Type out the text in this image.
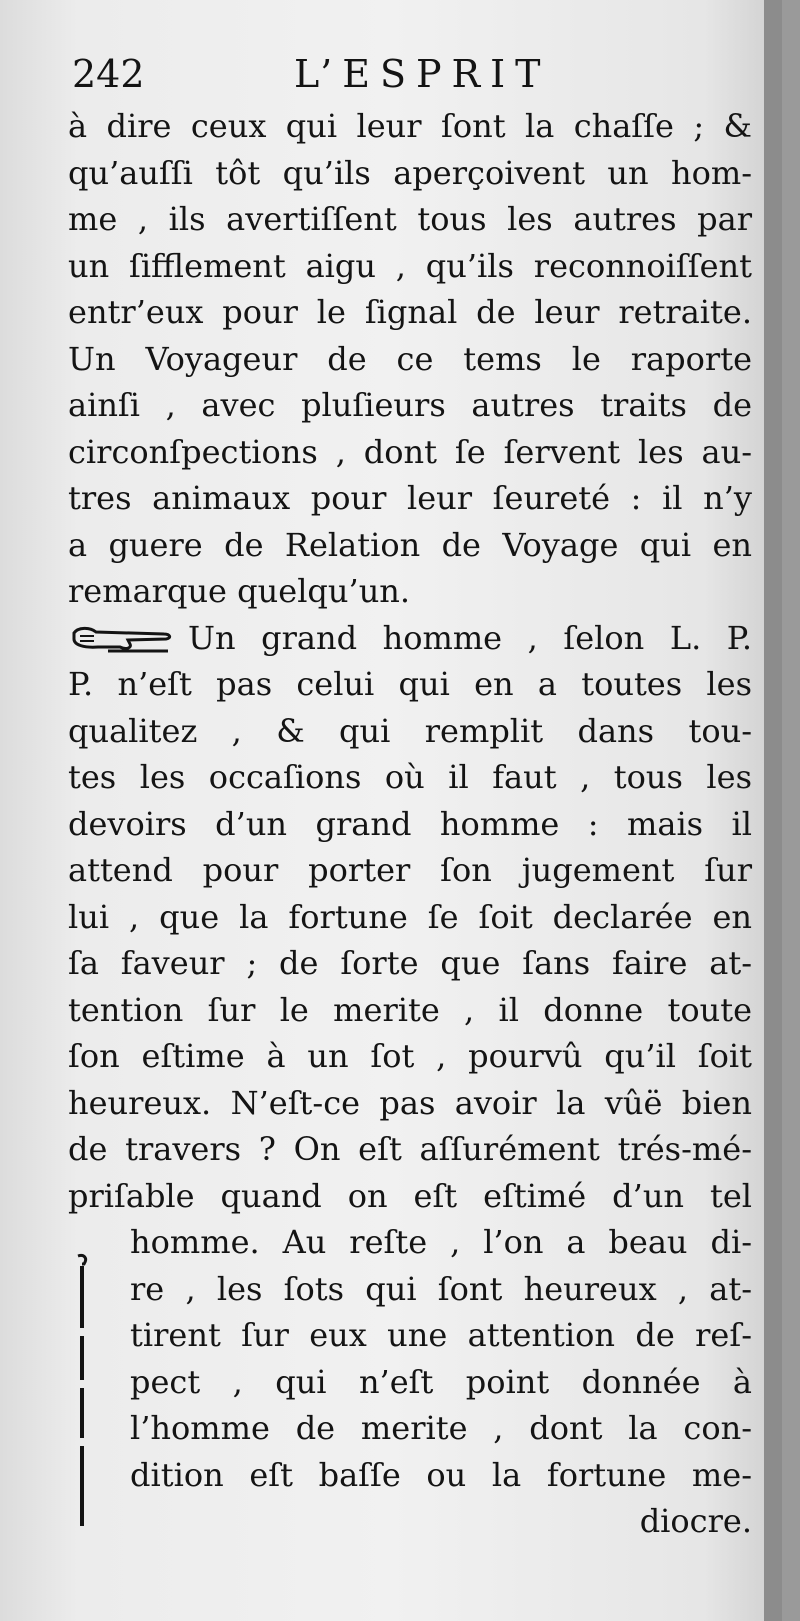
242	L’ESPRIT
à dire ceux qui leur ſont la chaſſe ; &
qu’auſſi tôt qu’ils aperçoivent un hom-
me , ils avertiſſent tous les autres par
un ſifflement aigu , qu’ils reconnoiſſent
entr’eux pour le ſignal de leur retraite.
Un Voyageur de ce tems le raporte
ainſi , avec pluſieurs autres traits de
circonſpections , dont ſe ſervent les au-
tres animaux pour leur ſeureté : il n’y
a guere de Relation de Voyage qui en
remarque quelqu’un.
Un grand homme , ſelon L. P.
P. n’eſt pas celui qui en a toutes les
qualitez , & qui remplit dans tou-
tes les occaſions où il faut , tous les
devoirs d’un grand homme : mais il
attend pour porter ſon jugement ſur
lui , que la fortune ſe ſoit declarée en
ſa faveur ; de ſorte que ſans faire at-
tention ſur le merite , il donne toute
ſon eſtime à un ſot , pourvû qu’il ſoit
heureux. N’eſt-ce pas avoir la vûë bien
de travers ? On eſt aſſurément trés-mé-
priſable quand on eſt eſtimé d’un tel
homme. Au reſte , l’on a beau di-
re , les ſots qui ſont heureux , at-
tirent ſur eux une attention de reſ-
pect , qui n’eſt point donnée à
l’homme de merite , dont la con-
dition eſt baſſe ou la fortune me-
diocre.
